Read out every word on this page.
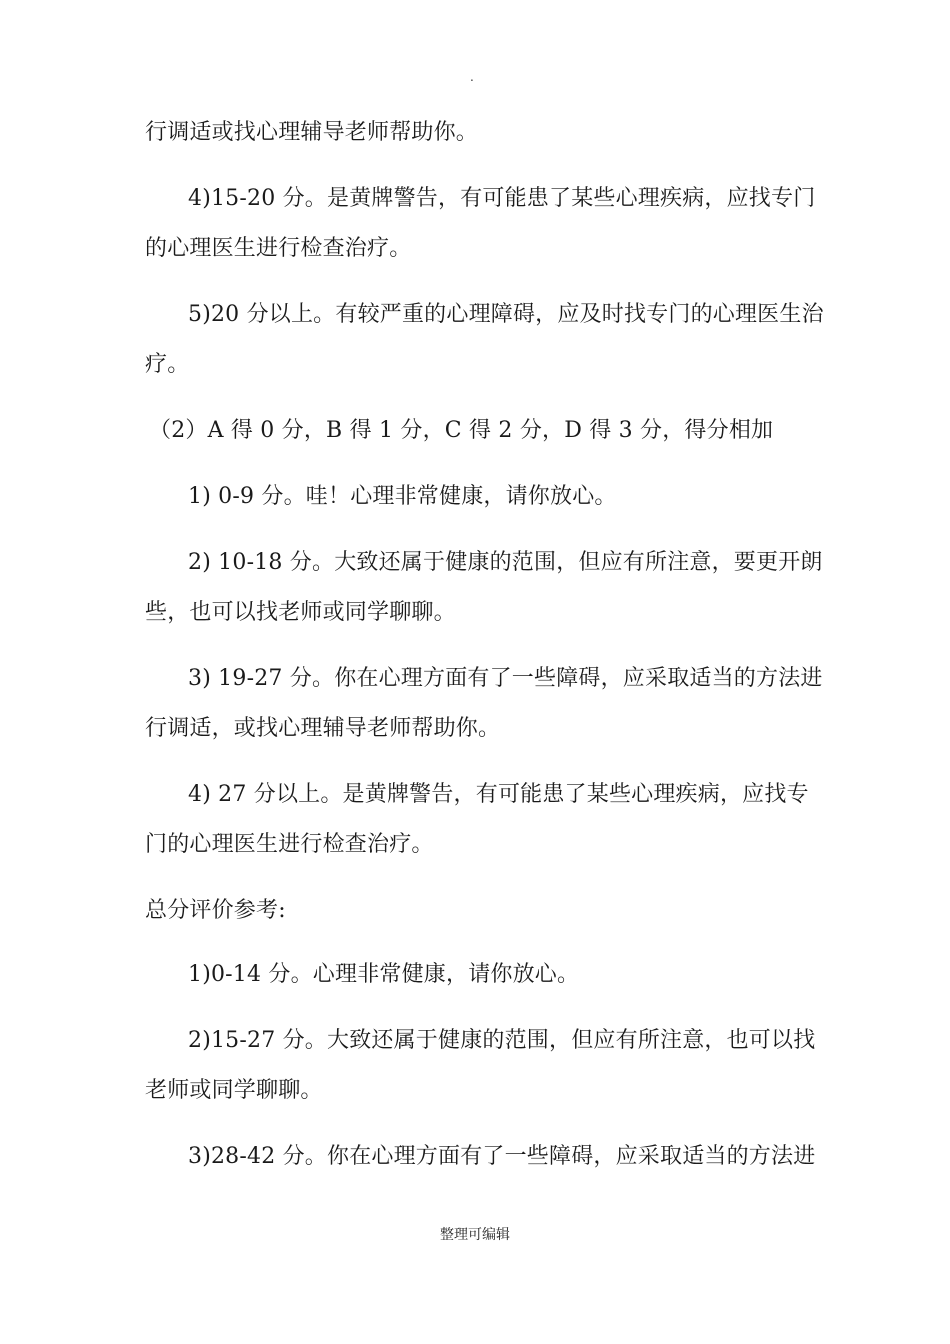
.
行调适或找心理辅导老师帮助你。
4)15-20 分。是黄牌警告，有可能患了某些心理疾病，应找专门
的心理医生进行检查治疗。
5)20 分以上。有较严重的心理障碍，应及时找专门的心理医生治
疗。
（2）A 得 0 分，B 得 1 分，C 得 2 分，D 得 3 分，得分相加
1) 0-9 分。哇！心理非常健康，请你放心。
2) 10-18 分。大致还属于健康的范围，但应有所注意，要更开朗
些，也可以找老师或同学聊聊。
3) 19-27 分。你在心理方面有了一些障碍，应采取适当的方法进
行调适，或找心理辅导老师帮助你。
4) 27 分以上。是黄牌警告，有可能患了某些心理疾病，应找专
门的心理医生进行检查治疗。
总分评价参考:
1)0-14 分。心理非常健康，请你放心。
2)15-27 分。大致还属于健康的范围，但应有所注意，也可以找
老师或同学聊聊。
3)28-42 分。你在心理方面有了一些障碍，应采取适当的方法进
整理可编辑
